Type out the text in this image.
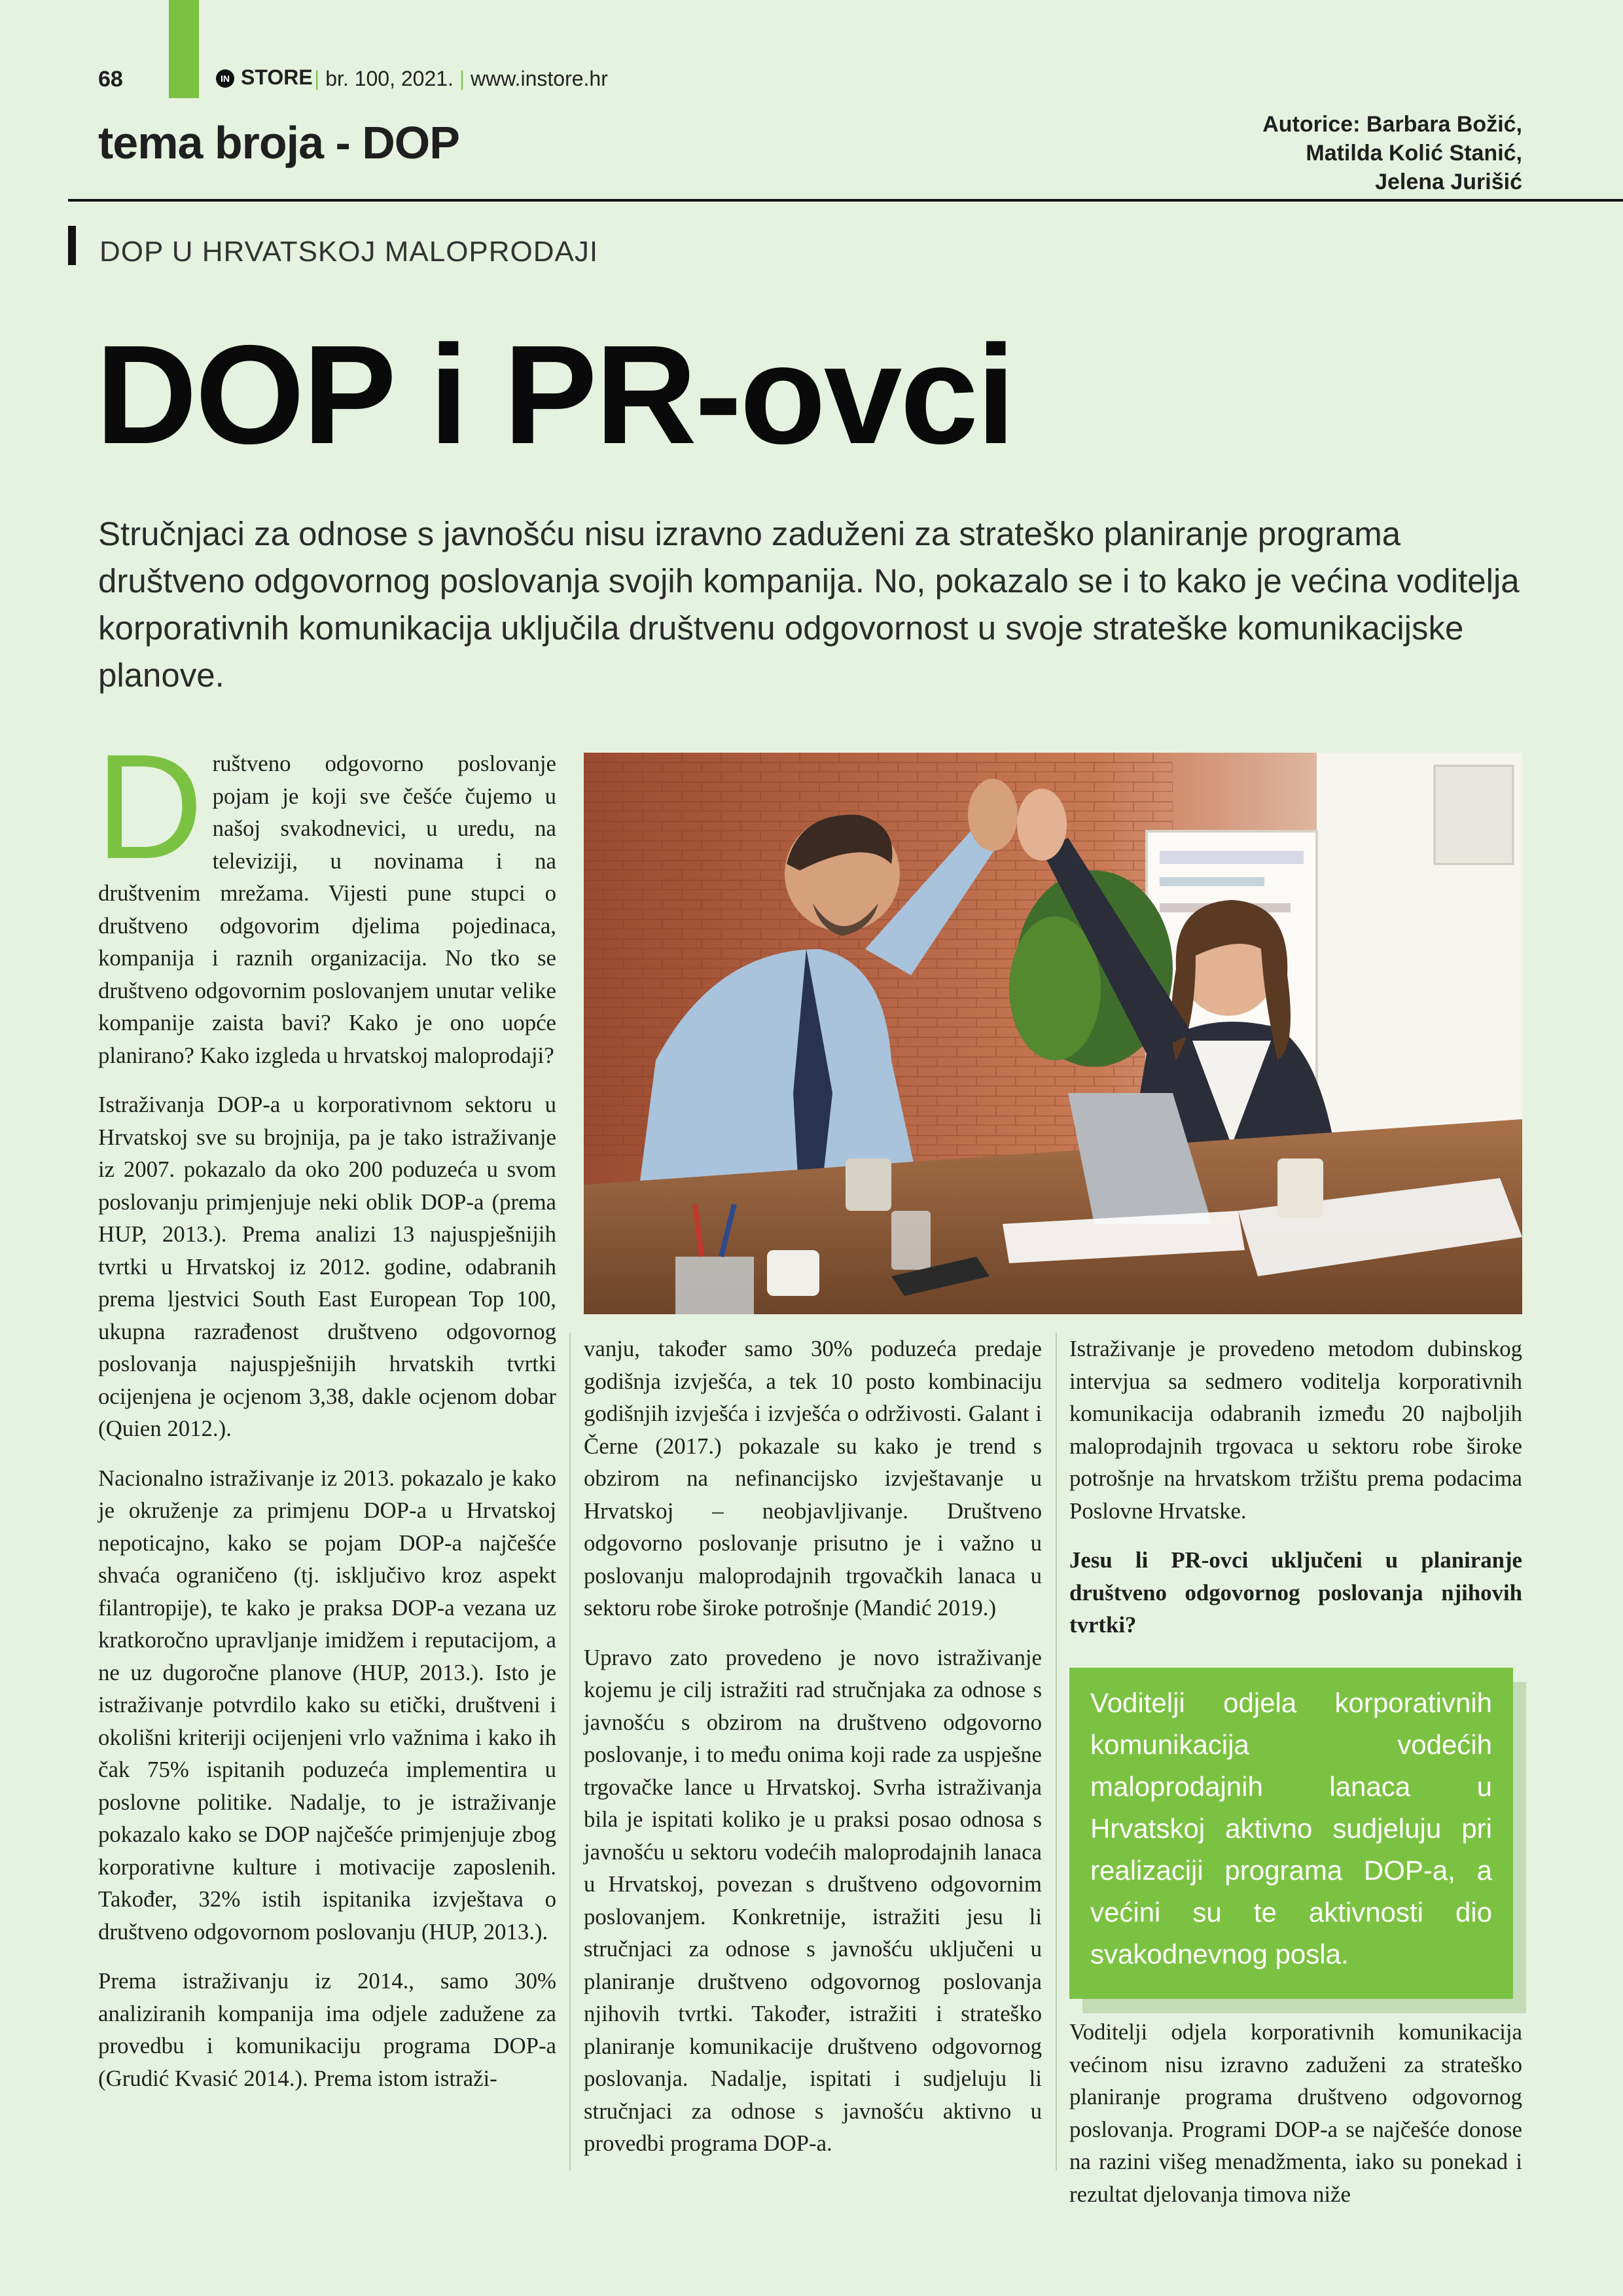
68	IN STORE | br. 100, 2021. | www.instore.hr
tema broja - DOP	Autorice: Barbara Božić,
Matilda Kolić Stanić,
Jelena Jurišić
DOP U HRVATSKOJ MALOPRODAJI
DOP i PR-ovci
Stručnjaci za odnose s javnošću nisu izravno zaduženi za strateško planiranje programa društveno odgovornog poslovanja svojih kompanija. No, pokazalo se i to kako je većina voditelja korporativnih komunikacija uključila društvenu odgovornost u svoje strateške komunikacijske planove.

Društveno odgovorno poslovanje pojam je koji sve češće čujemo u našoj svakodnevici, u uredu, na televiziji, u novinama i na društvenim mrežama. Vijesti pune stupci o društveno odgovorim djelima pojedinaca, kompanija i raznih organizacija. No tko se društveno odgovornim poslovanjem unutar velike kompanije zaista bavi? Kako je ono uopće planirano? Kako izgleda u hrvatskoj maloprodaji?

Istraživanja DOP-a u korporativnom sektoru u Hrvatskoj sve su brojnija, pa je tako istraživanje iz 2007. pokazalo da oko 200 poduzeća u svom poslovanju primjenjuje neki oblik DOP-a (prema HUP, 2013.). Prema analizi 13 najuspješnijih tvrtki u Hrvatskoj iz 2012. godine, odabranih prema ljestvici South East European Top 100, ukupna razrađenost društveno odgovornog poslovanja najuspješnijih hrvatskih tvrtki ocijenjena je ocjenom 3,38, dakle ocjenom dobar (Quien 2012.).

Nacionalno istraživanje iz 2013. pokazalo je kako je okruženje za primjenu DOP-a u Hrvatskoj nepoticajno, kako se pojam DOP-a najčešće shvaća ograničeno (tj. isključivo kroz aspekt filantropije), te kako je praksa DOP-a vezana uz kratkoročno upravljanje imidžem i reputacijom, a ne uz dugoročne planove (HUP, 2013.). Isto je istraživanje potvrdilo kako su etički, društveni i okolišni kriteriji ocijenjeni vrlo važnima i kako ih čak 75% ispitanih poduzeća implementira u poslovne politike. Nadalje, to je istraživanje pokazalo kako se DOP najčešće primjenjuje zbog korporativne kulture i motivacije zaposlenih. Također, 32% istih ispitanika izvještava o društveno odgovornom poslovanju (HUP, 2013.).

Prema istraživanju iz 2014., samo 30% analiziranih kompanija ima odjele zadužene za provedbu i komunikaciju programa DOP-a (Grudić Kvasić 2014.). Prema istom istraži-

vanju, također samo 30% poduzeća predaje godišnja izvješća, a tek 10 posto kombinaciju godišnjih izvješća i izvješća o održivosti. Galant i Černe (2017.) pokazale su kako je trend s obzirom na nefinancijsko izvještavanje u Hrvatskoj – neobjavljivanje. Društveno odgovorno poslovanje prisutno je i važno u poslovanju maloprodajnih trgovačkih lanaca u sektoru robe široke potrošnje (Mandić 2019.)

Upravo zato provedeno je novo istraživanje kojemu je cilj istražiti rad stručnjaka za odnose s javnošću s obzirom na društveno odgovorno poslovanje, i to među onima koji rade za uspješne trgovačke lance u Hrvatskoj. Svrha istraživanja bila je ispitati koliko je u praksi posao odnosa s javnošću u sektoru vodećih maloprodajnih lanaca u Hrvatskoj, povezan s društveno odgovornim poslovanjem. Konkretnije, istražiti jesu li stručnjaci za odnose s javnošću uključeni u planiranje društveno odgovornog poslovanja njihovih tvrtki. Također, istražiti i strateško planiranje komunikacije društveno odgovornog poslovanja. Nadalje, ispitati i sudjeluju li stručnjaci za odnose s javnošću aktivno u provedbi programa DOP-a.

Istraživanje je provedeno metodom dubinskog intervjua sa sedmero voditelja korporativnih komunikacija odabranih između 20 najboljih maloprodajnih trgovaca u sektoru robe široke potrošnje na hrvatskom tržištu prema podacima Poslovne Hrvatske.

Jesu li PR-ovci uključeni u planiranje društveno odgovornog poslovanja njihovih tvrtki?

Voditelji odjela korporativnih komunikacija vodećih maloprodajnih lanaca u Hrvatskoj aktivno sudjeluju pri realizaciji programa DOP-a, a većini su te aktivnosti dio svakodnevnog posla.

Voditelji odjela korporativnih komunikacija većinom nisu izravno zaduženi za strateško planiranje programa društveno odgovornog poslovanja. Programi DOP-a se najčešće donose na razini višeg menadžmenta, iako su ponekad i rezultat djelovanja timova niže
